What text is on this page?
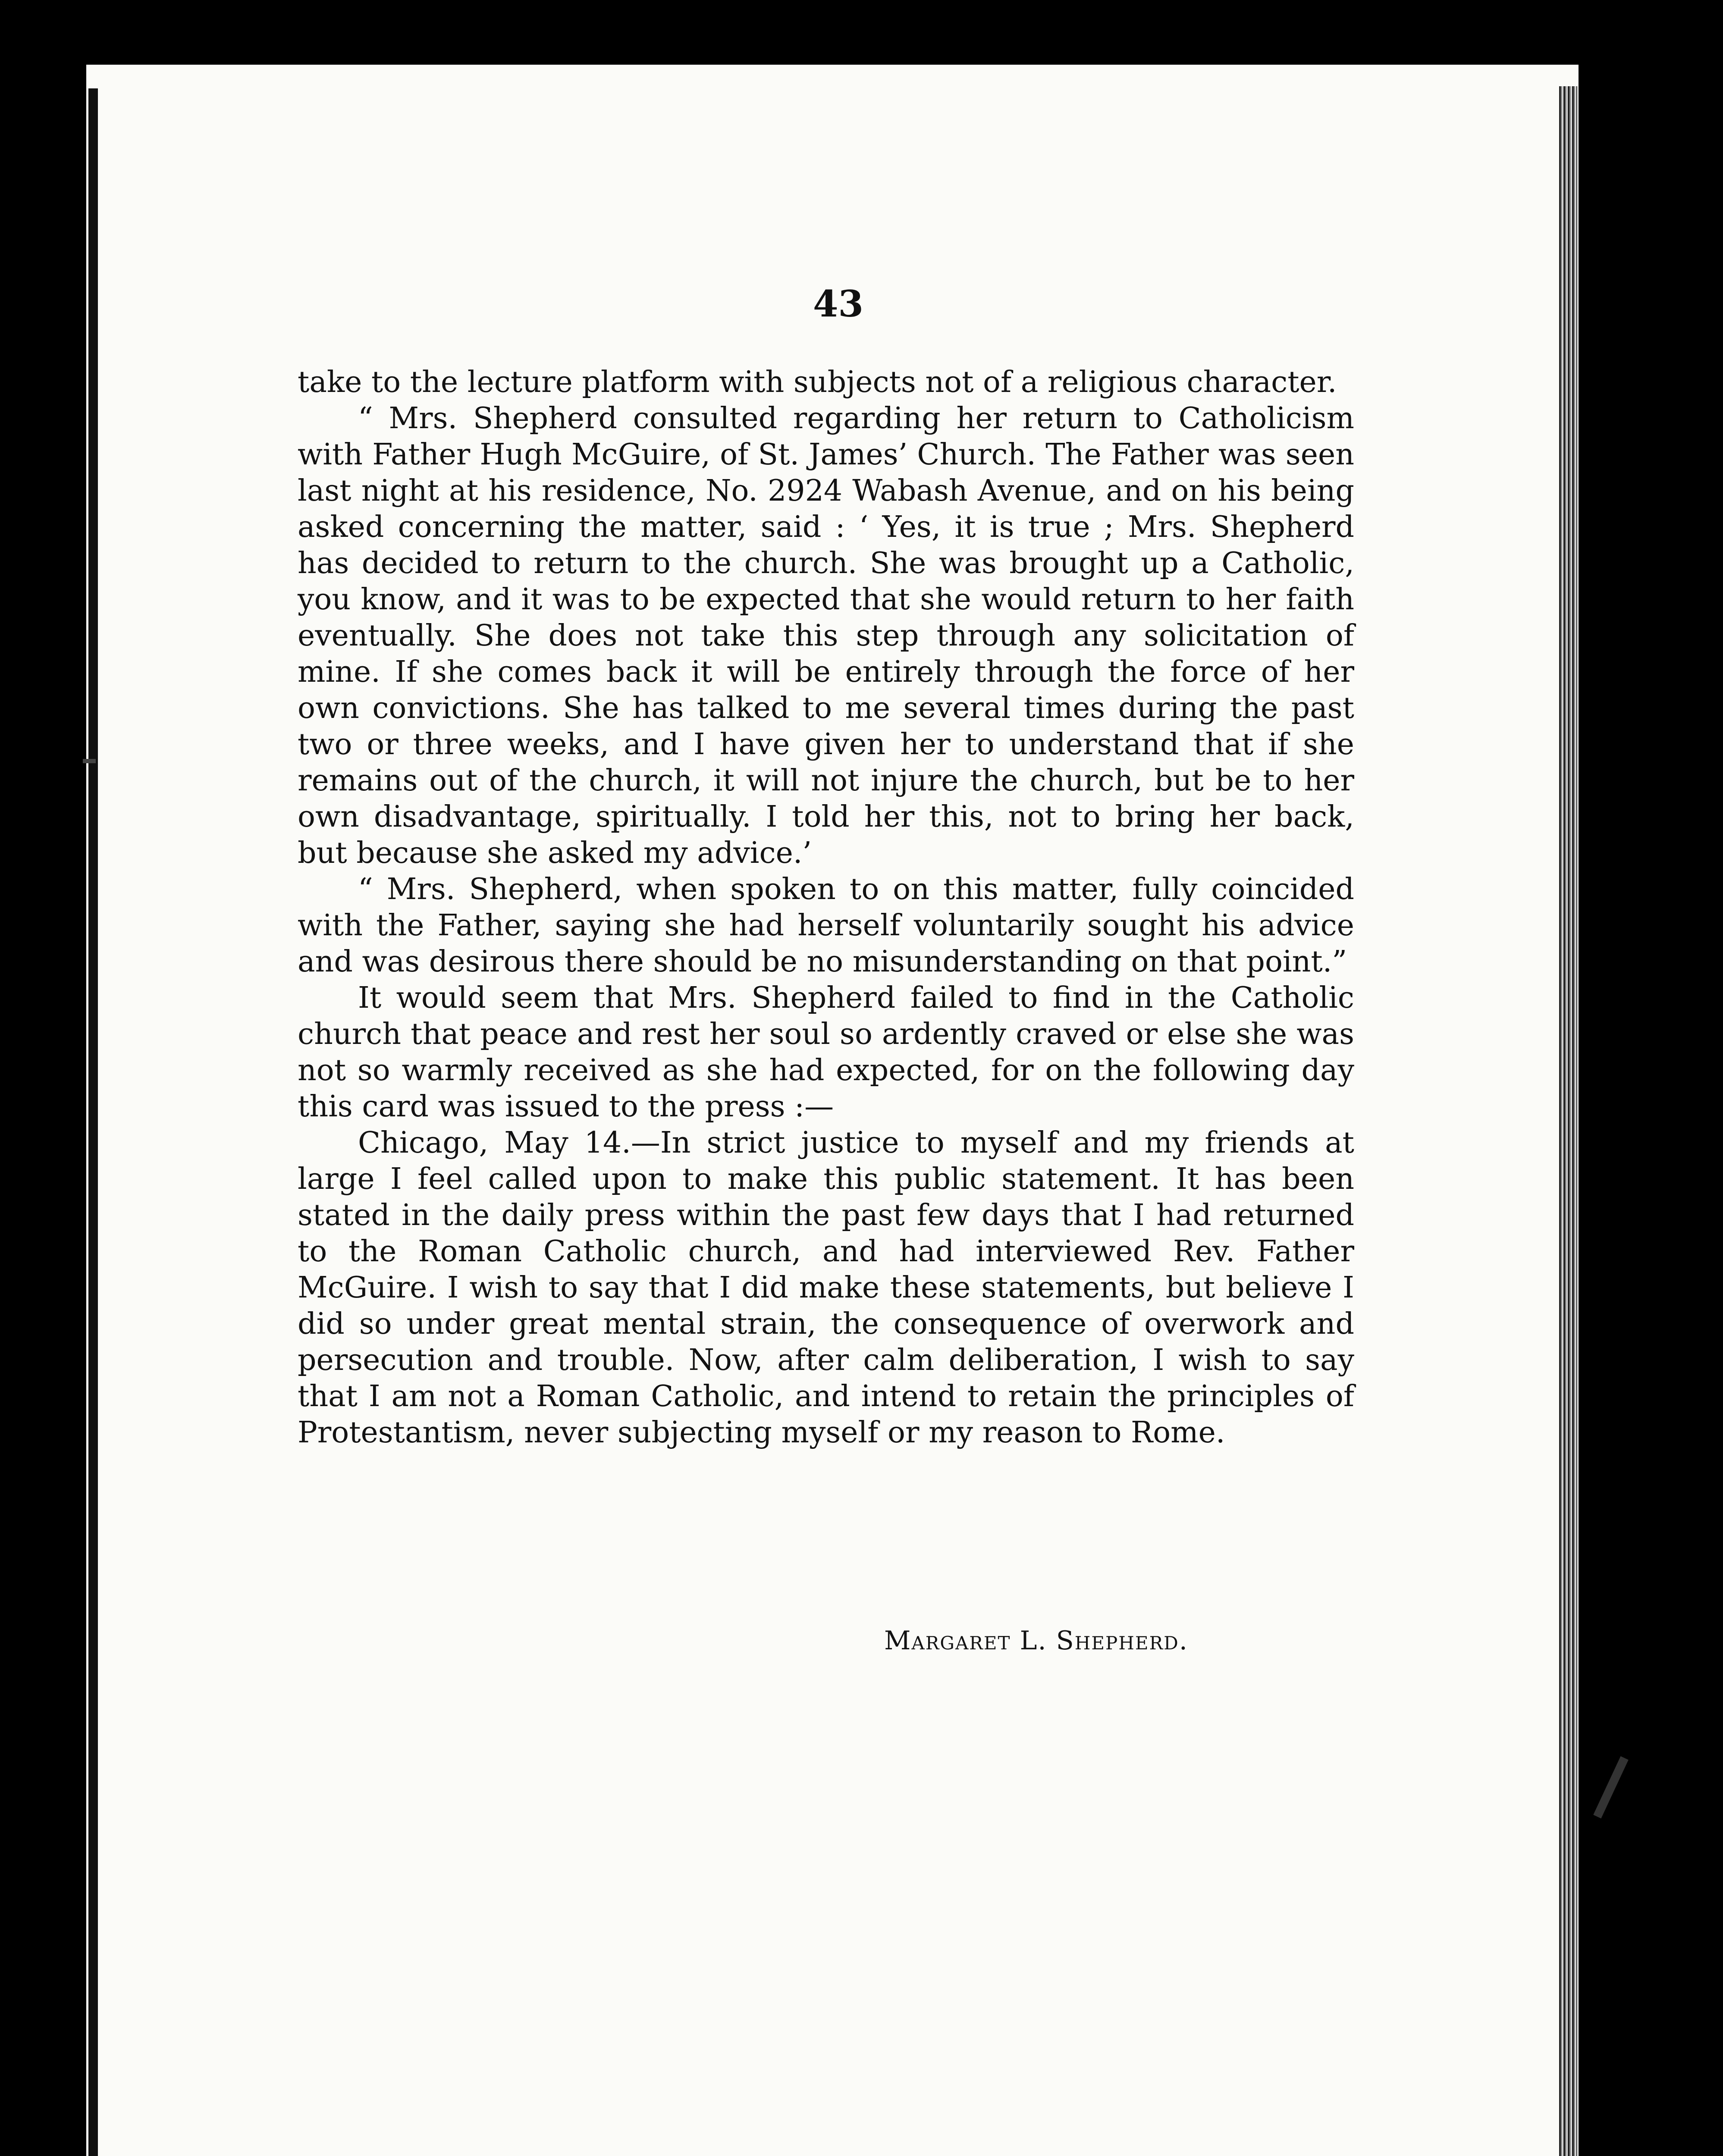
43

take to the lecture platform with subjects not of a religious character.

“ Mrs. Shepherd consulted regarding her return to Catholicism with Father Hugh McGuire, of St. James’ Church. The Father was seen last night at his residence, No. 2924 Wabash Avenue, and on his being asked concerning the matter, said : ‘ Yes, it is true ; Mrs. Shepherd has decided to return to the church. She was brought up a Catholic, you know, and it was to be expected that she would return to her faith eventually. She does not take this step through any solicitation of mine. If she comes back it will be entirely through the force of her own convictions. She has talked to me several times during the past two or three weeks, and I have given her to understand that if she remains out of the church, it will not injure the church, but be to her own disadvantage, spiritually. I told her this, not to bring her back, but because she asked my advice.’

“ Mrs. Shepherd, when spoken to on this matter, fully coincided with the Father, saying she had herself voluntarily sought his advice and was desirous there should be no misunderstanding on that point.”

It would seem that Mrs. Shepherd failed to find in the Catholic church that peace and rest her soul so ardently craved or else she was not so warmly received as she had expected, for on the following day this card was issued to the press :—

Chicago, May 14.—In strict justice to myself and my friends at large I feel called upon to make this public statement. It has been stated in the daily press within the past few days that I had returned to the Roman Catholic church, and had interviewed Rev. Father McGuire. I wish to say that I did make these statements, but believe I did so under great mental strain, the consequence of overwork and persecution and trouble. Now, after calm deliberation, I wish to say that I am not a Roman Catholic, and intend to retain the principles of Protestantism, never subjecting myself or my reason to Rome.

Margaret L. Shepherd.
